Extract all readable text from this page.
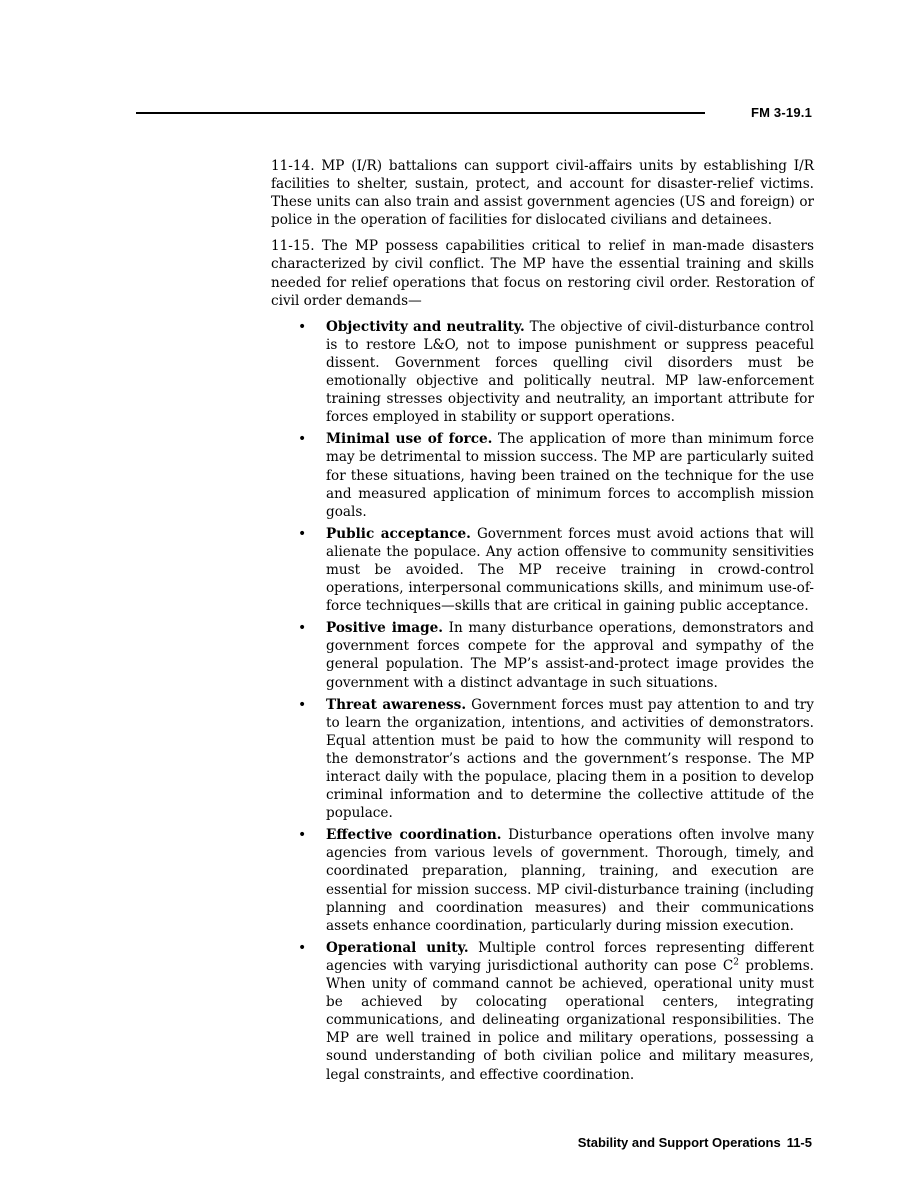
FM 3-19.1

11-14. MP (I/R) battalions can support civil-affairs units by establishing I/R facilities to shelter, sustain, protect, and account for disaster-relief victims. These units can also train and assist government agencies (US and foreign) or police in the operation of facilities for dislocated civilians and detainees.

11-15. The MP possess capabilities critical to relief in man-made disasters characterized by civil conflict. The MP have the essential training and skills needed for relief operations that focus on restoring civil order. Restoration of civil order demands—

• Objectivity and neutrality. The objective of civil-disturbance control is to restore L&O, not to impose punishment or suppress peaceful dissent. Government forces quelling civil disorders must be emotionally objective and politically neutral. MP law-enforcement training stresses objectivity and neutrality, an important attribute for forces employed in stability or support operations.
• Minimal use of force. The application of more than minimum force may be detrimental to mission success. The MP are particularly suited for these situations, having been trained on the technique for the use and measured application of minimum forces to accomplish mission goals.
• Public acceptance. Government forces must avoid actions that will alienate the populace. Any action offensive to community sensitivities must be avoided. The MP receive training in crowd-control operations, interpersonal communications skills, and minimum use-of-force techniques—skills that are critical in gaining public acceptance.
• Positive image. In many disturbance operations, demonstrators and government forces compete for the approval and sympathy of the general population. The MP’s assist-and-protect image provides the government with a distinct advantage in such situations.
• Threat awareness. Government forces must pay attention to and try to learn the organization, intentions, and activities of demonstrators. Equal attention must be paid to how the community will respond to the demonstrator’s actions and the government’s response. The MP interact daily with the populace, placing them in a position to develop criminal information and to determine the collective attitude of the populace.
• Effective coordination. Disturbance operations often involve many agencies from various levels of government. Thorough, timely, and coordinated preparation, planning, training, and execution are essential for mission success. MP civil-disturbance training (including planning and coordination measures) and their communications assets enhance coordination, particularly during mission execution.
• Operational unity. Multiple control forces representing different agencies with varying jurisdictional authority can pose $C^2$ problems. When unity of command cannot be achieved, operational unity must be achieved by colocating operational centers, integrating communications, and delineating organizational responsibilities. The MP are well trained in police and military operations, possessing a sound understanding of both civilian police and military measures, legal constraints, and effective coordination.
Stability and Support Operations 11-5
